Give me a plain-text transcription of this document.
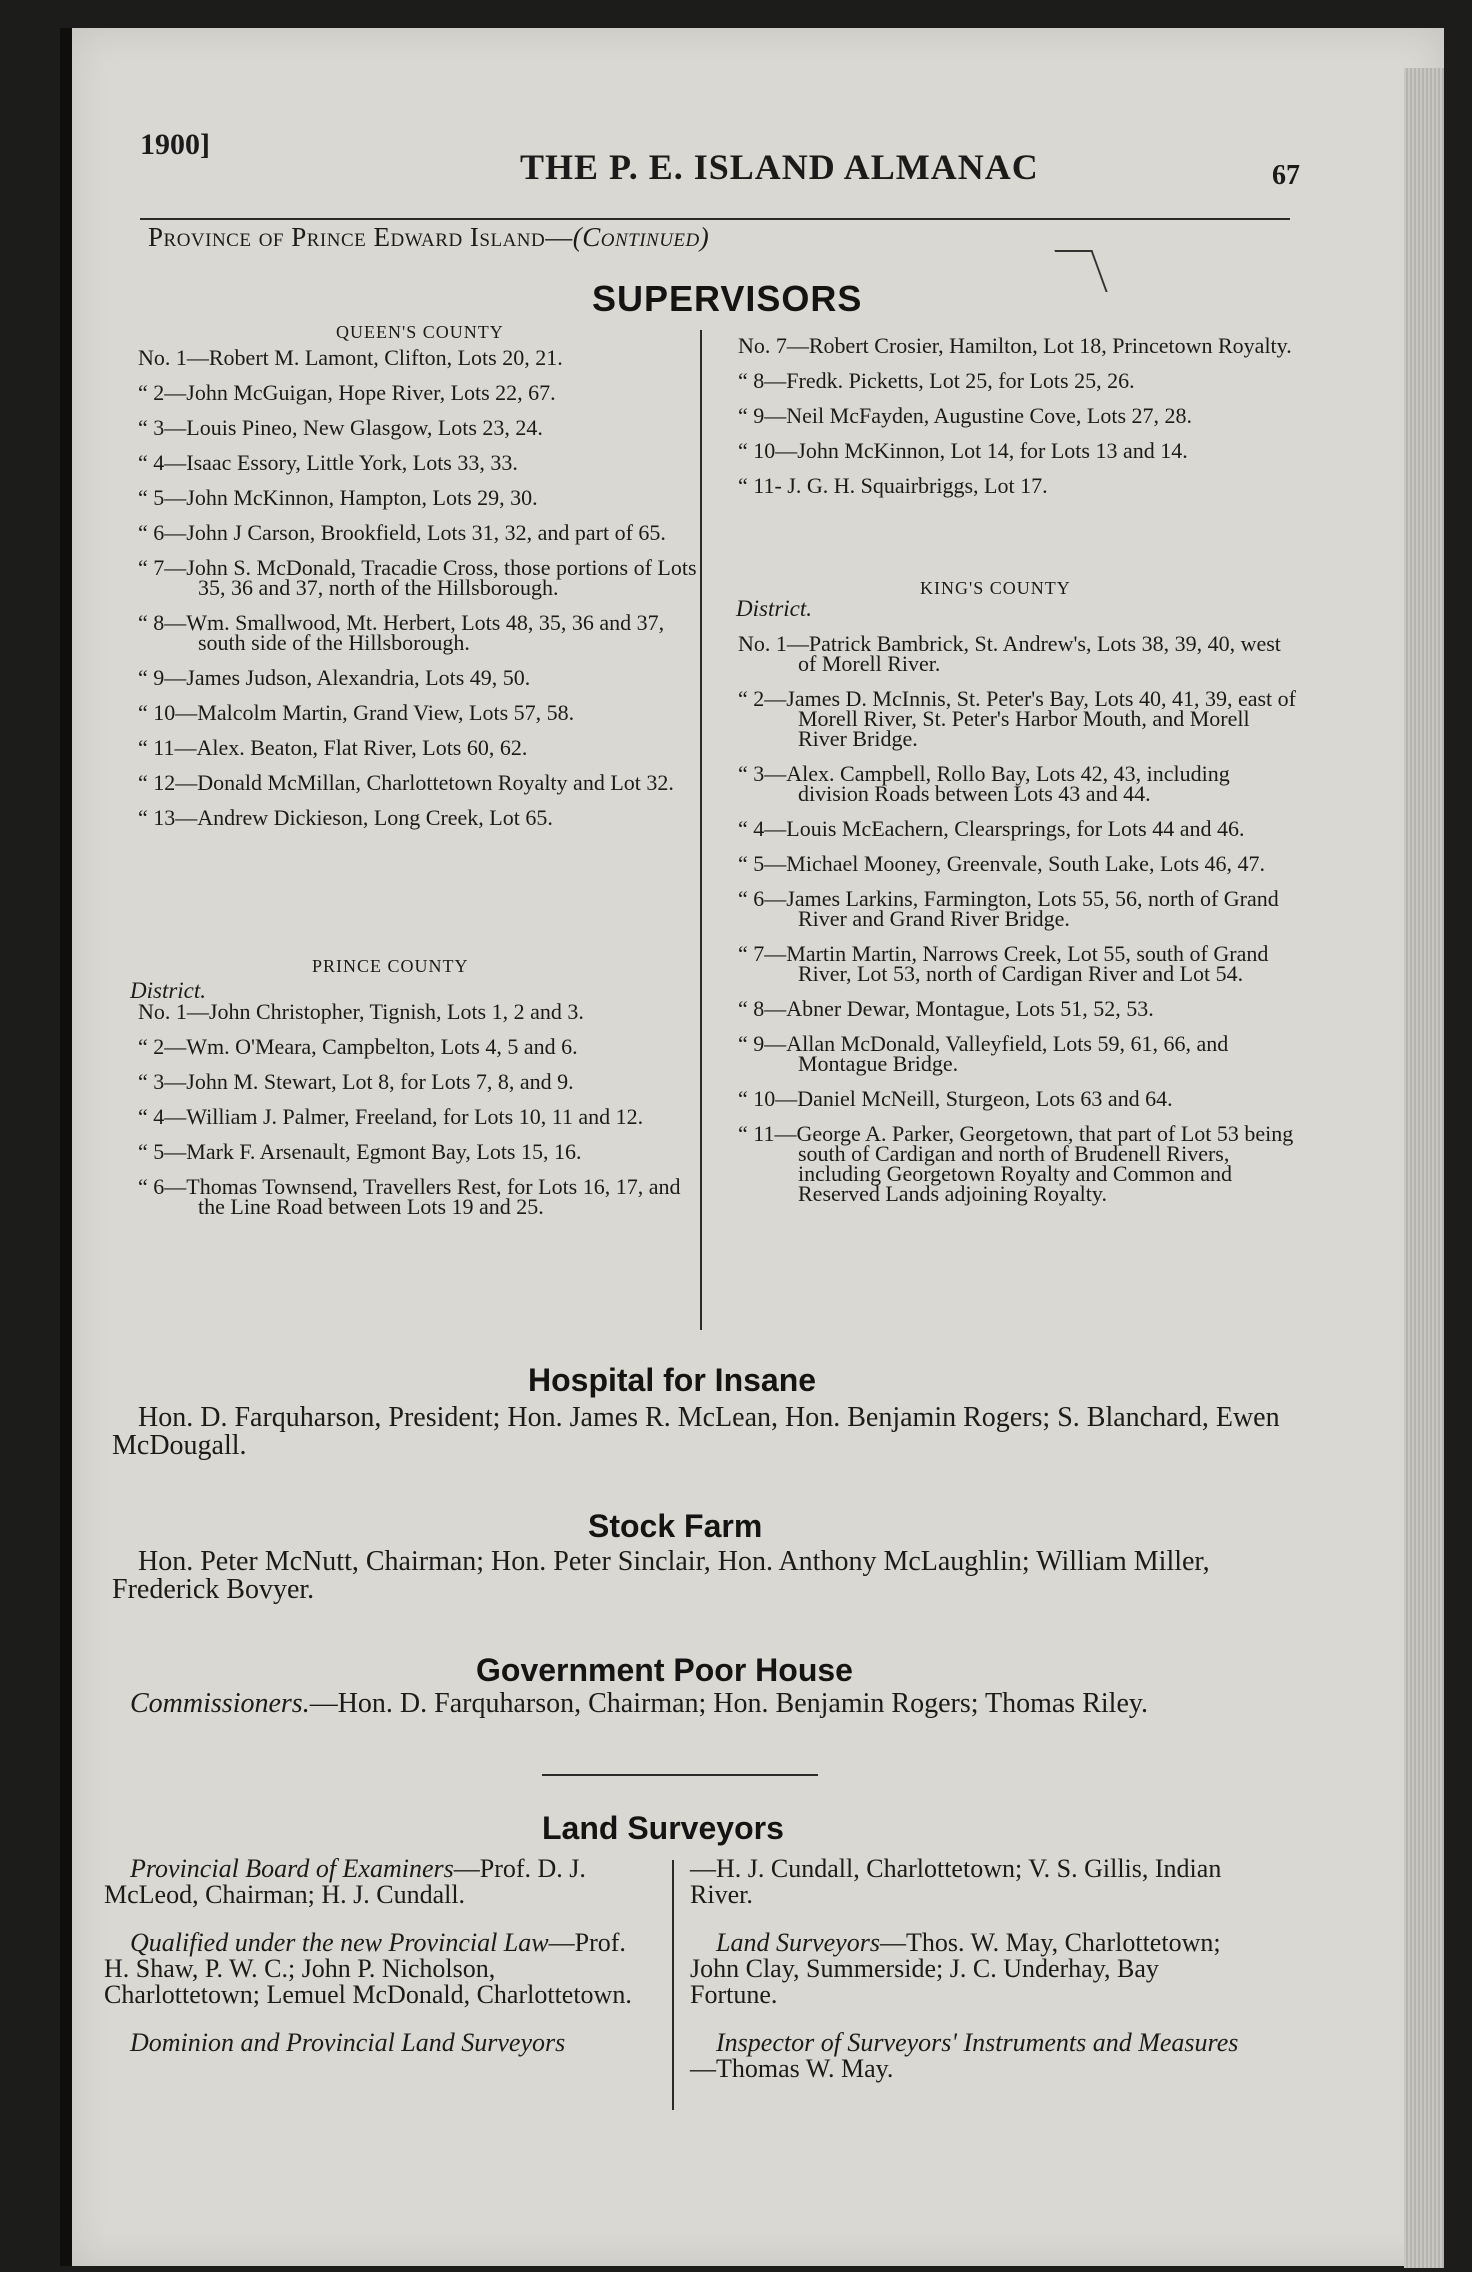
1900]
THE P. E. ISLAND ALMANAC	67
Province of Prince Edward Island—(Continued)
SUPERVISORS
QUEEN'S COUNTY

No. 1—Robert M. Lamont, Clifton, Lots 20, 21.

“ 2—John McGuigan, Hope River, Lots 22, 67.

“ 3—Louis Pineo, New Glasgow, Lots 23, 24.

“ 4—Isaac Essory, Little York, Lots 33, 33.

“ 5—John McKinnon, Hampton, Lots 29, 30.

“ 6—John J Carson, Brookfield, Lots 31, 32, and part of 65.

“ 7—John S. McDonald, Tracadie Cross, those portions of Lots 35, 36 and 37, north of the Hillsborough.

“ 8—Wm. Smallwood, Mt. Herbert, Lots 48, 35, 36 and 37, south side of the Hillsborough.

“ 9—James Judson, Alexandria, Lots 49, 50.

“ 10—Malcolm Martin, Grand View, Lots 57, 58.

“ 11—Alex. Beaton, Flat River, Lots 60, 62.

“ 12—Donald McMillan, Charlottetown Royalty and Lot 32.

“ 13—Andrew Dickieson, Long Creek, Lot 65.

PRINCE COUNTY
District.

No. 1—John Christopher, Tignish, Lots 1, 2 and 3.

“ 2—Wm. O'Meara, Campbelton, Lots 4, 5 and 6.

“ 3—John M. Stewart, Lot 8, for Lots 7, 8, and 9.

“ 4—William J. Palmer, Freeland, for Lots 10, 11 and 12.

“ 5—Mark F. Arsenault, Egmont Bay, Lots 15, 16.

“ 6—Thomas Townsend, Travellers Rest, for Lots 16, 17, and the Line Road between Lots 19 and 25.

No. 7—Robert Crosier, Hamilton, Lot 18, Princetown Royalty.

“ 8—Fredk. Picketts, Lot 25, for Lots 25, 26.

“ 9—Neil McFayden, Augustine Cove, Lots 27, 28.

“ 10—John McKinnon, Lot 14, for Lots 13 and 14.

“ 11- J. G. H. Squairbriggs, Lot 17.

KING'S COUNTY
District.

No. 1—Patrick Bambrick, St. Andrew's, Lots 38, 39, 40, west of Morell River.

“ 2—James D. McInnis, St. Peter's Bay, Lots 40, 41, 39, east of Morell River, St. Peter's Harbor Mouth, and Morell River Bridge.

“ 3—Alex. Campbell, Rollo Bay, Lots 42, 43, including division Roads between Lots 43 and 44.

“ 4—Louis McEachern, Clearsprings, for Lots 44 and 46.

“ 5—Michael Mooney, Greenvale, South Lake, Lots 46, 47.

“ 6—James Larkins, Farmington, Lots 55, 56, north of Grand River and Grand River Bridge.

“ 7—Martin Martin, Narrows Creek, Lot 55, south of Grand River, Lot 53, north of Cardigan River and Lot 54.

“ 8—Abner Dewar, Montague, Lots 51, 52, 53.

“ 9—Allan McDonald, Valleyfield, Lots 59, 61, 66, and Montague Bridge.

“ 10—Daniel McNeill, Sturgeon, Lots 63 and 64.

“ 11—George A. Parker, Georgetown, that part of Lot 53 being south of Cardigan and north of Brudenell Rivers, including Georgetown Royalty and Common and Reserved Lands adjoining Royalty.

Hospital for Insane
Hon. D. Farquharson, President; Hon. James R. McLean, Hon. Benjamin Rogers; S. Blanchard, Ewen McDougall.
Stock Farm
Hon. Peter McNutt, Chairman; Hon. Peter Sinclair, Hon. Anthony McLaughlin; William Miller, Frederick Bovyer.
Government Poor House
Commissioners.—Hon. D. Farquharson, Chairman; Hon. Benjamin Rogers; Thomas Riley.
Land Surveyors

Provincial Board of Examiners—Prof. D. J. McLeod, Chairman; H. J. Cundall.

Qualified under the new Provincial Law—Prof. H. Shaw, P. W. C.; John P. Nicholson, Charlottetown; Lemuel McDonald, Charlottetown.

Dominion and Provincial Land Surveyors

—H. J. Cundall, Charlottetown; V. S. Gillis, Indian River.

Land Surveyors—Thos. W. May, Charlottetown; John Clay, Summerside; J. C. Underhay, Bay Fortune.

Inspector of Surveyors' Instruments and Measures—Thomas W. May.
